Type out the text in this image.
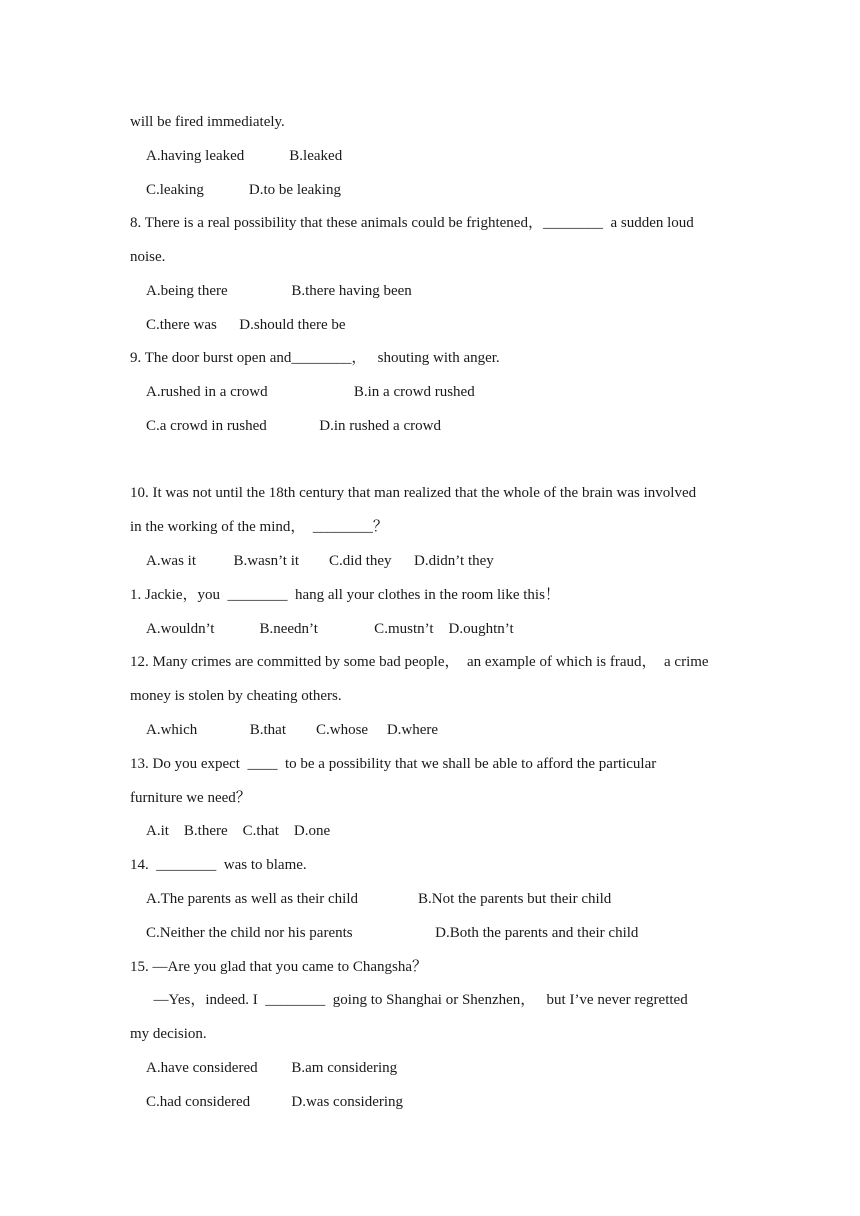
will be fired immediately.
A.having leaked            B.leaked
C.leaking            D.to be leaking
8. There is a real possibility that these animals could be frightened，________  a sudden loud
noise.
A.being there                 B.there having been
C.there was      D.should there be
9. The door burst open and________，   shouting with anger.
A.rushed in a crowd                       B.in a crowd rushed
C.a crowd in rushed              D.in rushed a crowd
10. It was not until the 18th century that man realized that the whole of the brain was involved
in the working of the mind，  ________？
A.was it          B.wasn’t it        C.did they      D.didn’t they
1. Jackie，you  ________  hang all your clothes in the room like this！
A.wouldn’t            B.needn’t               C.mustn’t    D.oughtn’t
12. Many crimes are committed by some bad people，  an example of which is fraud，  a crime
money is stolen by cheating others.
A.which              B.that        C.whose     D.where
13. Do you expect  ____  to be a possibility that we shall be able to afford the particular
furniture we need？
A.it    B.there    C.that    D.one
14.  ________  was to blame.
A.The parents as well as their child                B.Not the parents but their child
C.Neither the child nor his parents                      D.Both the parents and their child
15. —Are you glad that you came to Changsha？
—Yes，indeed. I  ________  going to Shanghai or Shenzhen，   but I’ve never regretted
my decision.
A.have considered         B.am considering
C.had considered           D.was considering
